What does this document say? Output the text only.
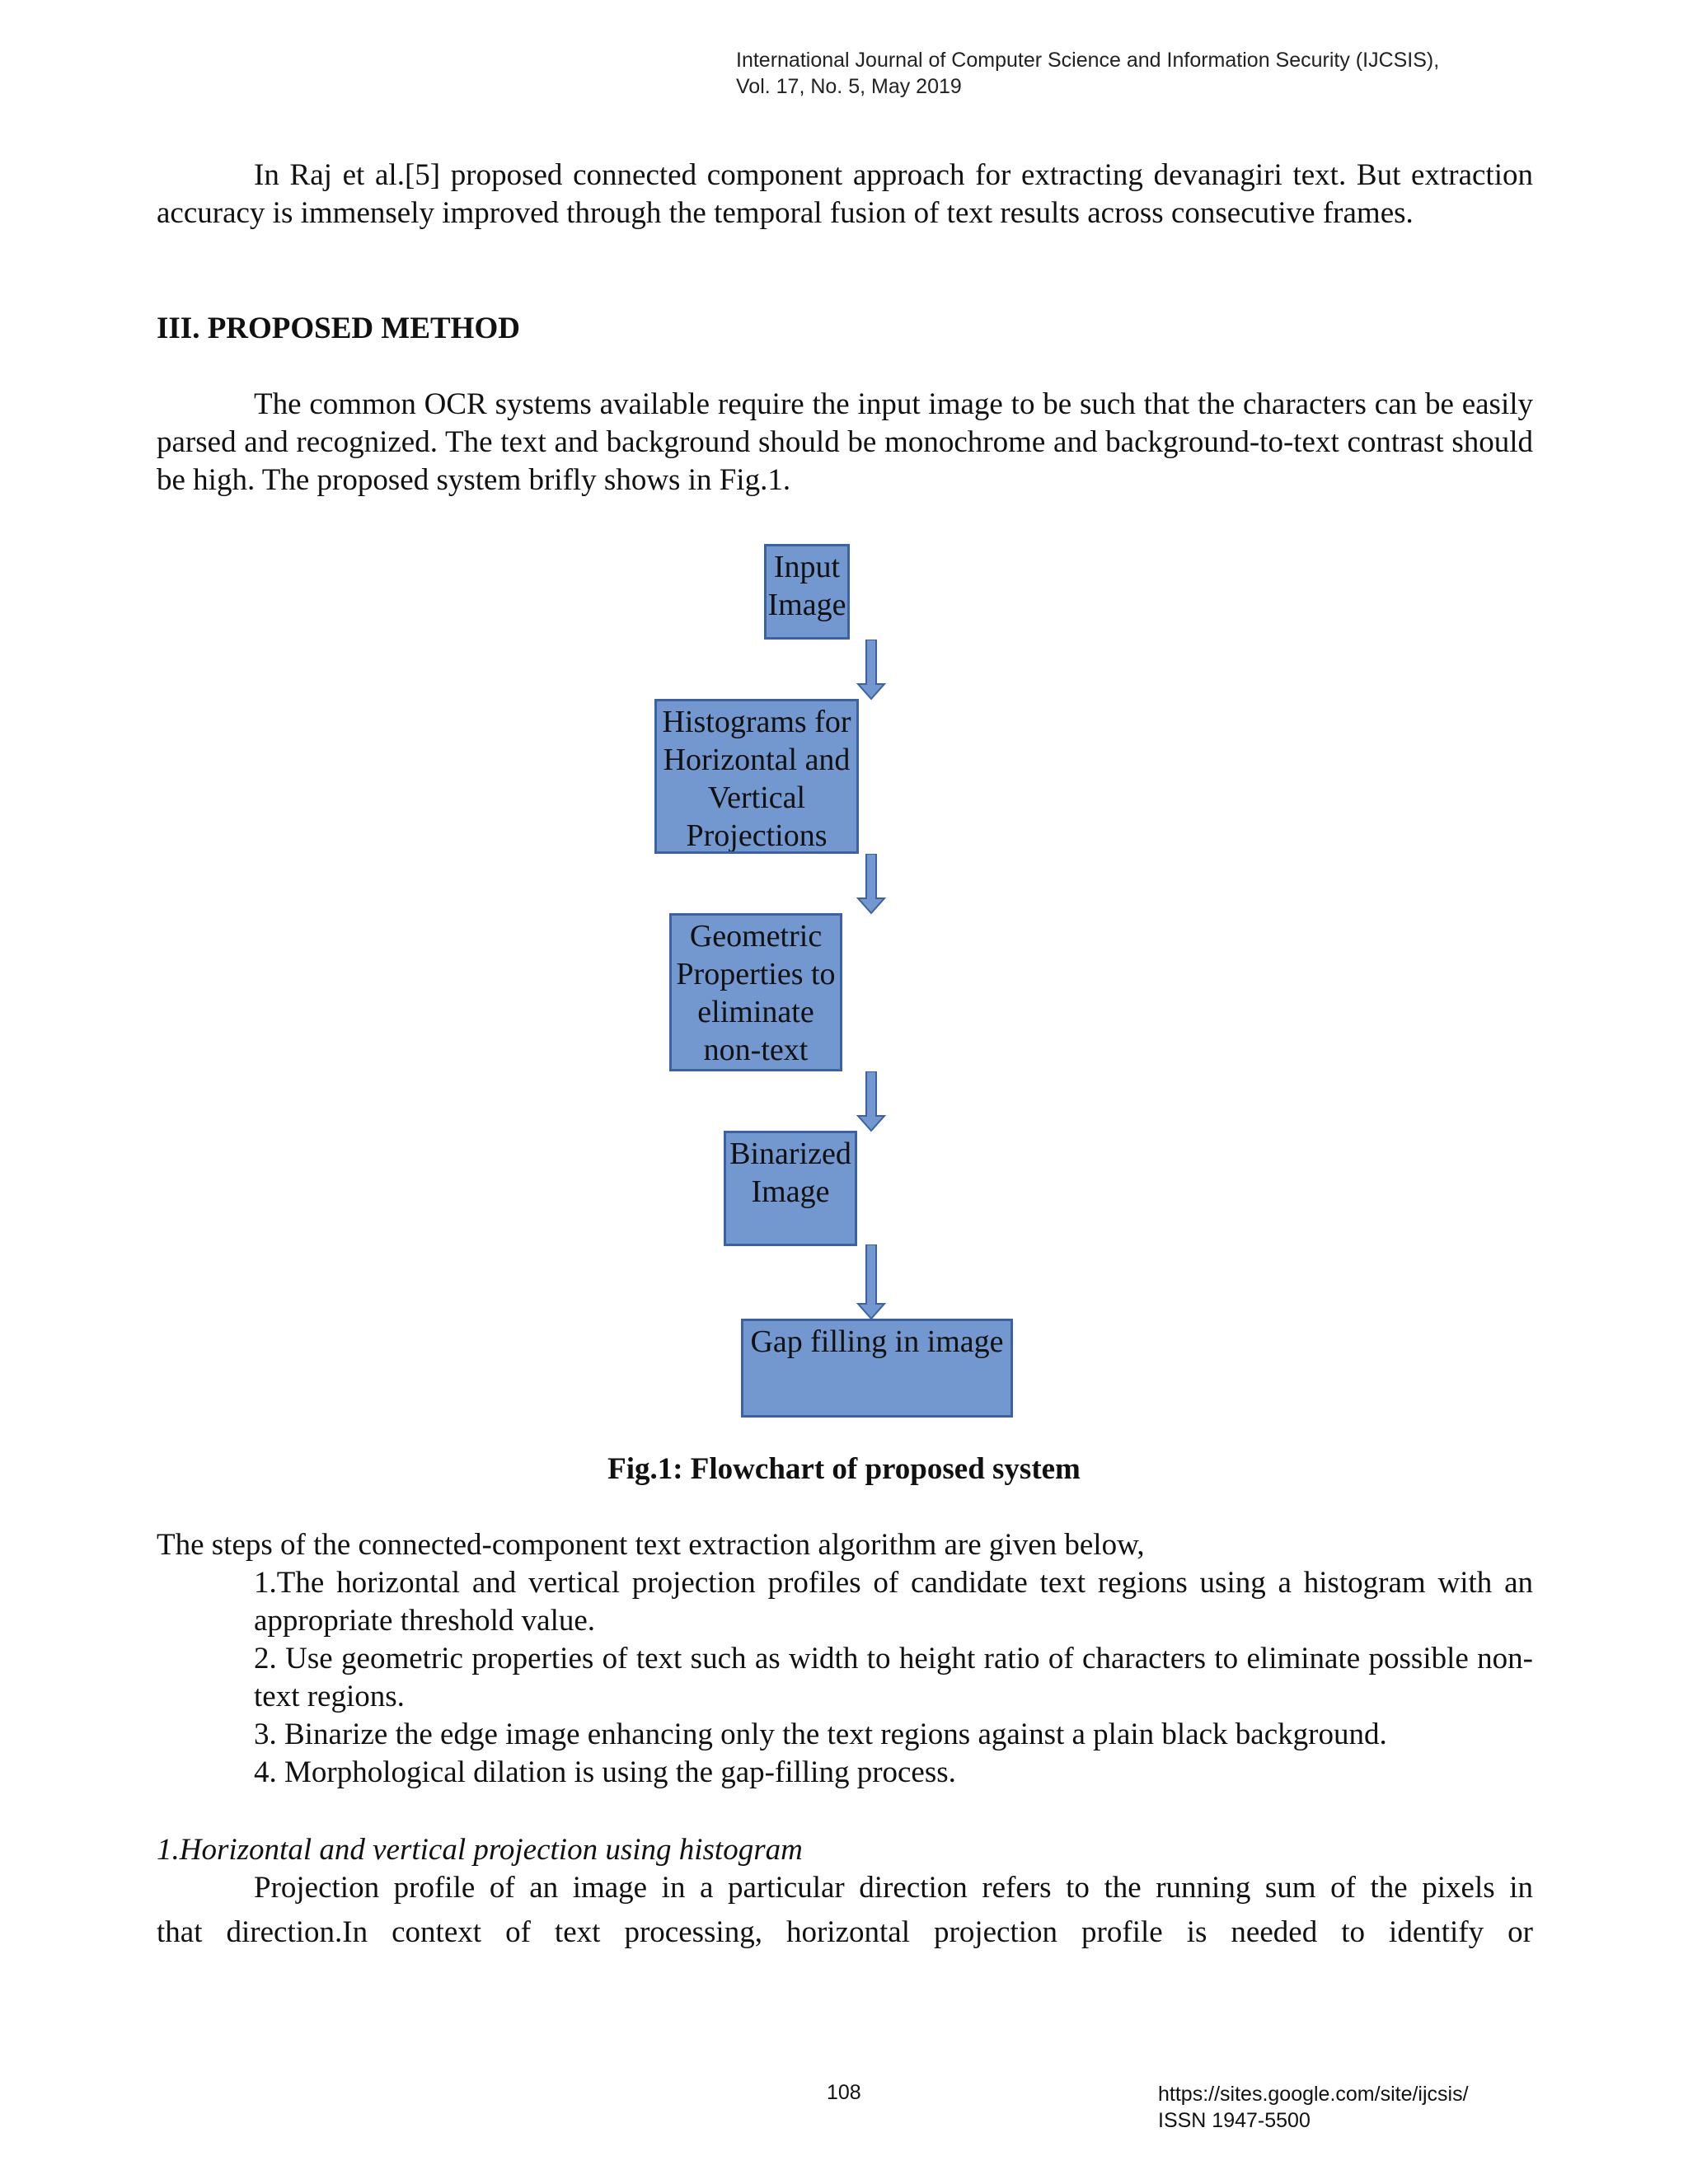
International Journal of Computer Science and Information Security (IJCSIS),
Vol. 17, No. 5, May 2019

In Raj et al.[5] proposed connected component approach for extracting devanagiri text. But extraction accuracy is immensely improved through the temporal fusion of text results across consecutive frames.

III. PROPOSED METHOD

The common OCR systems available require the input image to be such that the characters can be easily parsed and recognized. The text and background should be monochrome and background-to-text contrast should be high. The proposed system brifly shows in Fig.1.

Input
Image
Histograms for
Horizontal and
Vertical
Projections
Geometric
Properties to
eliminate
non-text
Binarized
Image
Gap filling in image
Fig.1: Flowchart of proposed system
The steps of the connected-component text extraction algorithm are given below,

1.The horizontal and vertical projection profiles of candidate text regions using a histogram with an appropriate threshold value.

2. Use geometric properties of text such as width to height ratio of characters to eliminate possible non-text regions.

3. Binarize the edge image enhancing only the text regions against a plain black background.

4. Morphological dilation is using the gap-filling process.

1.Horizontal and vertical projection using histogram

Projection profile of an image in a particular direction refers to the running sum of the pixels in

that direction.In context of text processing, horizontal projection profile is needed to identify or

108	https://sites.google.com/site/ijcsis/
ISSN 1947-5500
